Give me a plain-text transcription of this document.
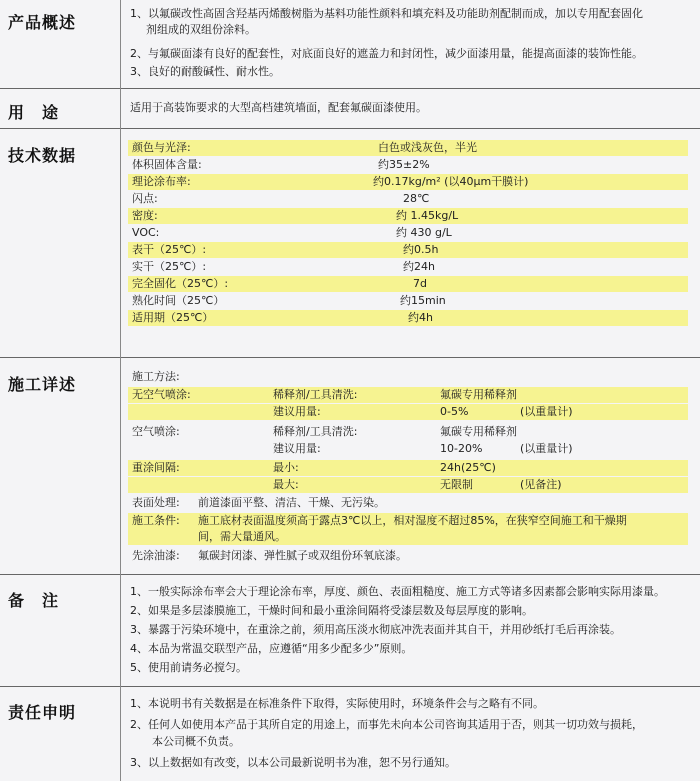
产品概述	1、以氟碳改性高固含羟基丙烯酸树脂为基料功能性颜料和填充料及功能助剂配制而成，加以专用配套固化
剂组成的双组份涂料。
2、与氟碳面漆有良好的配套性，对底面良好的遮盖力和封闭性，减少面漆用量，能提高面漆的装饰性能。
3、良好的耐酸碱性、耐水性。
用　途	适用于高装饰要求的大型高档建筑墙面，配套氟碳面漆使用。
技术数据	颜色与光泽:	白色或浅灰色，半光
体积固体含量:	约35±2%
理论涂布率:	约0.17kg/m² (以40μm干膜计)
闪点:	28℃
密度:	约 1.45kg/L
VOC:	约 430 g/L
表干（25℃）:	约0.5h
实干（25℃）:	约24h
完全固化（25℃）:	7d
熟化时间（25℃）	约15min
适用期（25℃）	约4h
施工详述	施工方法:
无空气喷涂:	稀释剂/工具清洗:	氟碳专用稀释剂
建议用量:	0-5%	(以重量计)
空气喷涂:	稀释剂/工具清洗:	氟碳专用稀释剂
建议用量:	10-20%	(以重量计)
重涂间隔:	最小:	24h(25℃)
最大:	无限制	(见备注)
表面处理: 前道漆面平整、清洁、干燥、无污染。
施工条件: 施工底材表面温度须高于露点3℃以上，相对湿度不超过85%，在狭窄空间施工和干燥期
间，需大量通风。
先涂油漆: 氟碳封闭漆、弹性腻子或双组份环氧底漆。
备　注	1、一般实际涂布率会大于理论涂布率，厚度、颜色、表面粗糙度、施工方式等诸多因素都会影响实际用漆量。
2、如果是多层漆膜施工，干燥时间和最小重涂间隔将受漆层数及每层厚度的影响。
3、暴露于污染环境中，在重涂之前，须用高压淡水彻底冲洗表面并其自干，并用砂纸打毛后再涂装。
4、本品为常温交联型产品，应遵循“用多少配多少”原则。
5、使用前请务必搅匀。
责任申明	1、本说明书有关数据是在标准条件下取得，实际使用时，环境条件会与之略有不同。
2、任何人如使用本产品于其所自定的用途上，而事先未向本公司咨询其适用于否，则其一切功效与损耗，
　　本公司概不负责。
3、以上数据如有改变，以本公司最新说明书为准，恕不另行通知。
